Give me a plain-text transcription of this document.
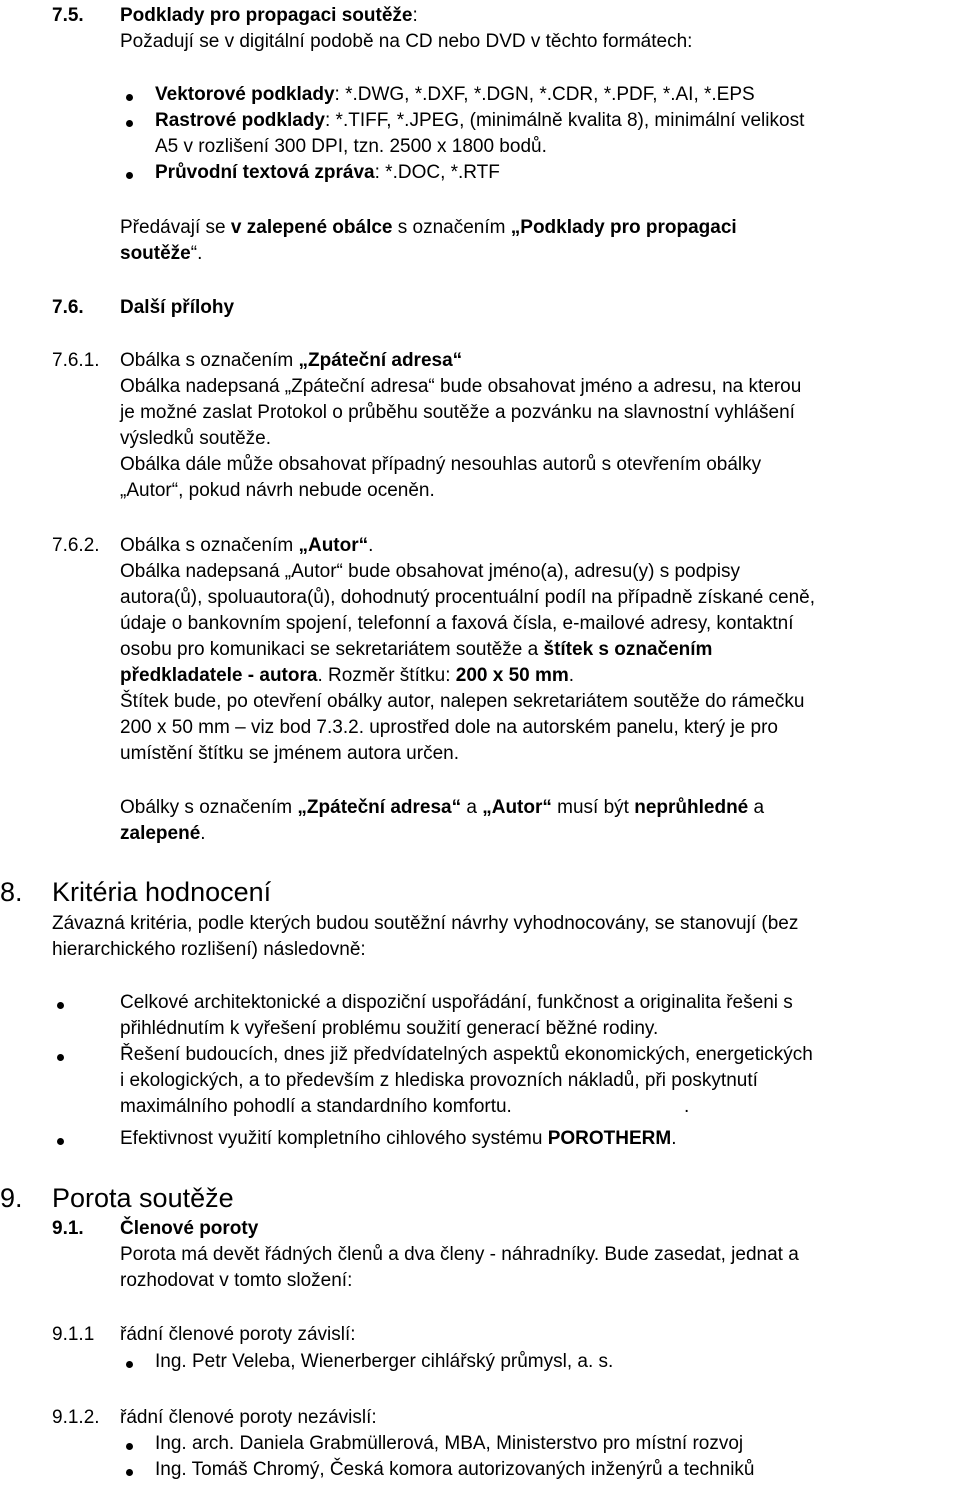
7.5. Podklady pro propagaci soutěže:
Požadují se v digitální podobě na CD nebo DVD v těchto formátech:
Vektorové podklady: *.DWG, *.DXF, *.DGN, *.CDR, *.PDF, *.AI, *.EPS
Rastrové podklady: *.TIFF, *.JPEG, (minimálně kvalita 8), minimální velikost
A5 v rozlišení 300 DPI, tzn. 2500 x 1800 bodů.
Průvodní textová zpráva: *.DOC, *.RTF
Předávají se v zalepené obálce s označením „Podklady pro propagaci
soutěže“.
7.6. Další přílohy
7.6.1. Obálka s označením „Zpáteční adresa“
Obálka nadepsaná „Zpáteční adresa“ bude obsahovat jméno a adresu, na kterou
je možné zaslat Protokol o průběhu soutěže a pozvánku na slavnostní vyhlášení
výsledků soutěže.
Obálka dále může obsahovat případný nesouhlas autorů s otevřením obálky
„Autor“, pokud návrh nebude oceněn.
7.6.2. Obálka s označením „Autor“.
Obálka nadepsaná „Autor“ bude obsahovat jméno(a), adresu(y) s podpisy
autora(ů), spoluautora(ů), dohodnutý procentuální podíl na případně získané ceně,
údaje o bankovním spojení, telefonní a faxová čísla, e-mailové adresy, kontaktní
osobu pro komunikaci se sekretariátem soutěže a štítek s označením
předkladatele - autora. Rozměr štítku: 200 x 50 mm.
Štítek bude, po otevření obálky autor, nalepen sekretariátem soutěže do rámečku
200 x 50 mm – viz bod 7.3.2. uprostřed dole na autorském panelu, který je pro
umístění štítku se jménem autora určen.
Obálky s označením „Zpáteční adresa“ a „Autor“ musí být neprůhledné a
zalepené.
8. Kritéria hodnocení
Závazná kritéria, podle kterých budou soutěžní návrhy vyhodnocovány, se stanovují (bez
hierarchického rozlišení) následovně:
Celkové architektonické a dispoziční uspořádání, funkčnost a originalita řešeni s
přihlédnutím k vyřešení problému soužití generací běžné rodiny.
Řešení budoucích, dnes již předvídatelných aspektů ekonomických, energetických
i ekologických, a to především z hlediska provozních nákladů, při poskytnutí
maximálního pohodlí a standardního komfortu.	.
Efektivnost využití kompletního cihlového systému POROTHERM.
9. Porota soutěže
9.1. Členové poroty
Porota má devět řádných členů a dva členy - náhradníky. Bude zasedat, jednat a
rozhodovat v tomto složení:
9.1.1 řádní členové poroty závislí:
Ing. Petr Veleba, Wienerberger cihlářský průmysl, a. s.
9.1.2. řádní členové poroty nezávislí:
Ing. arch. Daniela Grabmüllerová, MBA, Ministerstvo pro místní rozvoj
Ing. Tomáš Chromý, Česká komora autorizovaných inženýrů a techniků
